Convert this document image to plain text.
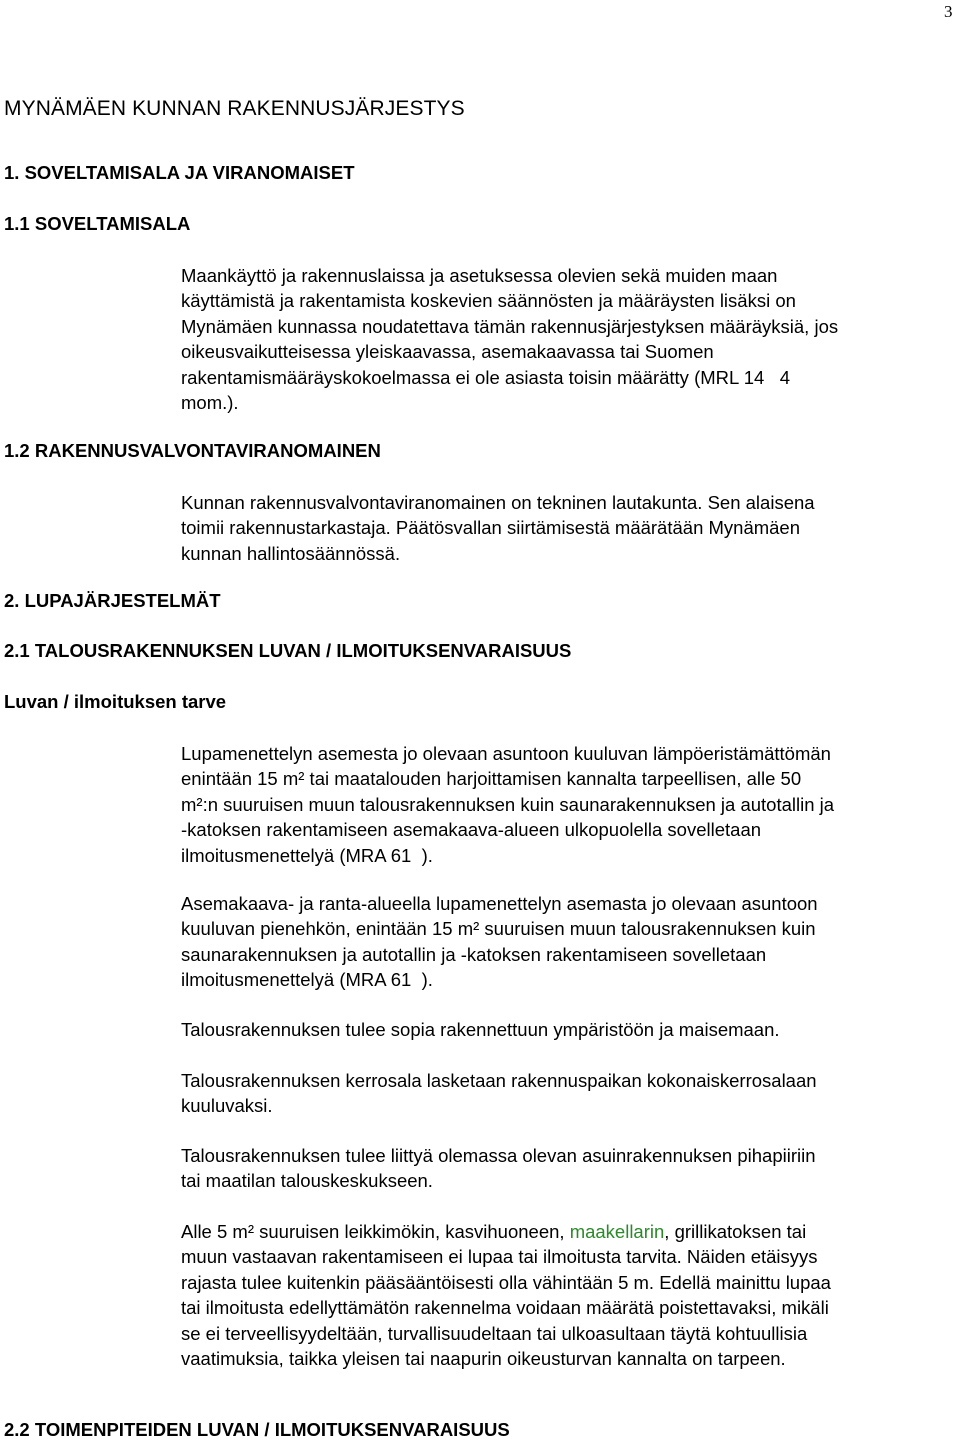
3
MYNÄMÄEN KUNNAN RAKENNUSJÄRJESTYS
1. SOVELTAMISALA JA VIRANOMAISET
1.1 SOVELTAMISALA
Maankäyttö ja rakennuslaissa ja asetuksessa olevien sekä muiden maan
käyttämistä ja rakentamista koskevien säännösten ja määräysten lisäksi on
Mynämäen kunnassa noudatettava tämän rakennusjärjestyksen määräyksiä, jos
oikeusvaikutteisessa yleiskaavassa, asemakaavassa tai Suomen
rakentamismääräyskokoelmassa ei ole asiasta toisin määrätty (MRL 14 4
mom.).
1.2 RAKENNUSVALVONTAVIRANOMAINEN
Kunnan rakennusvalvontaviranomainen on tekninen lautakunta. Sen alaisena
toimii rakennustarkastaja. Päätösvallan siirtämisestä määrätään Mynämäen
kunnan hallintosäännössä.
2. LUPAJÄRJESTELMÄT
2.1 TALOUSRAKENNUKSEN LUVAN / ILMOITUKSENVARAISUUS
Luvan / ilmoituksen tarve
Lupamenettelyn asemesta jo olevaan asuntoon kuuluvan lämpöeristämättömän
enintään 15 m² tai maatalouden harjoittamisen kannalta tarpeellisen, alle 50
m²:n suuruisen muun talousrakennuksen kuin saunarakennuksen ja autotallin ja
-katoksen rakentamiseen asemakaava-alueen ulkopuolella sovelletaan
ilmoitusmenettelyä (MRA 61 ).
Asemakaava- ja ranta-alueella lupamenettelyn asemasta jo olevaan asuntoon
kuuluvan pienehkön, enintään 15 m² suuruisen muun talousrakennuksen kuin
saunarakennuksen ja autotallin ja -katoksen rakentamiseen sovelletaan
ilmoitusmenettelyä (MRA 61 ).
Talousrakennuksen tulee sopia rakennettuun ympäristöön ja maisemaan.
Talousrakennuksen kerrosala lasketaan rakennuspaikan kokonaiskerrosalaan
kuuluvaksi.
Talousrakennuksen tulee liittyä olemassa olevan asuinrakennuksen pihapiiriin
tai maatilan talouskeskukseen.
Alle 5 m² suuruisen leikkimökin, kasvihuoneen, maakellarin, grillikatoksen tai
muun vastaavan rakentamiseen ei lupaa tai ilmoitusta tarvita. Näiden etäisyys
rajasta tulee kuitenkin pääsääntöisesti olla vähintään 5 m. Edellä mainittu lupaa
tai ilmoitusta edellyttämätön rakennelma voidaan määrätä poistettavaksi, mikäli
se ei terveellisyydeltään, turvallisuudeltaan tai ulkoasultaan täytä kohtuullisia
vaatimuksia, taikka yleisen tai naapurin oikeusturvan kannalta on tarpeen.
2.2 TOIMENPITEIDEN LUVAN / ILMOITUKSENVARAISUUS
